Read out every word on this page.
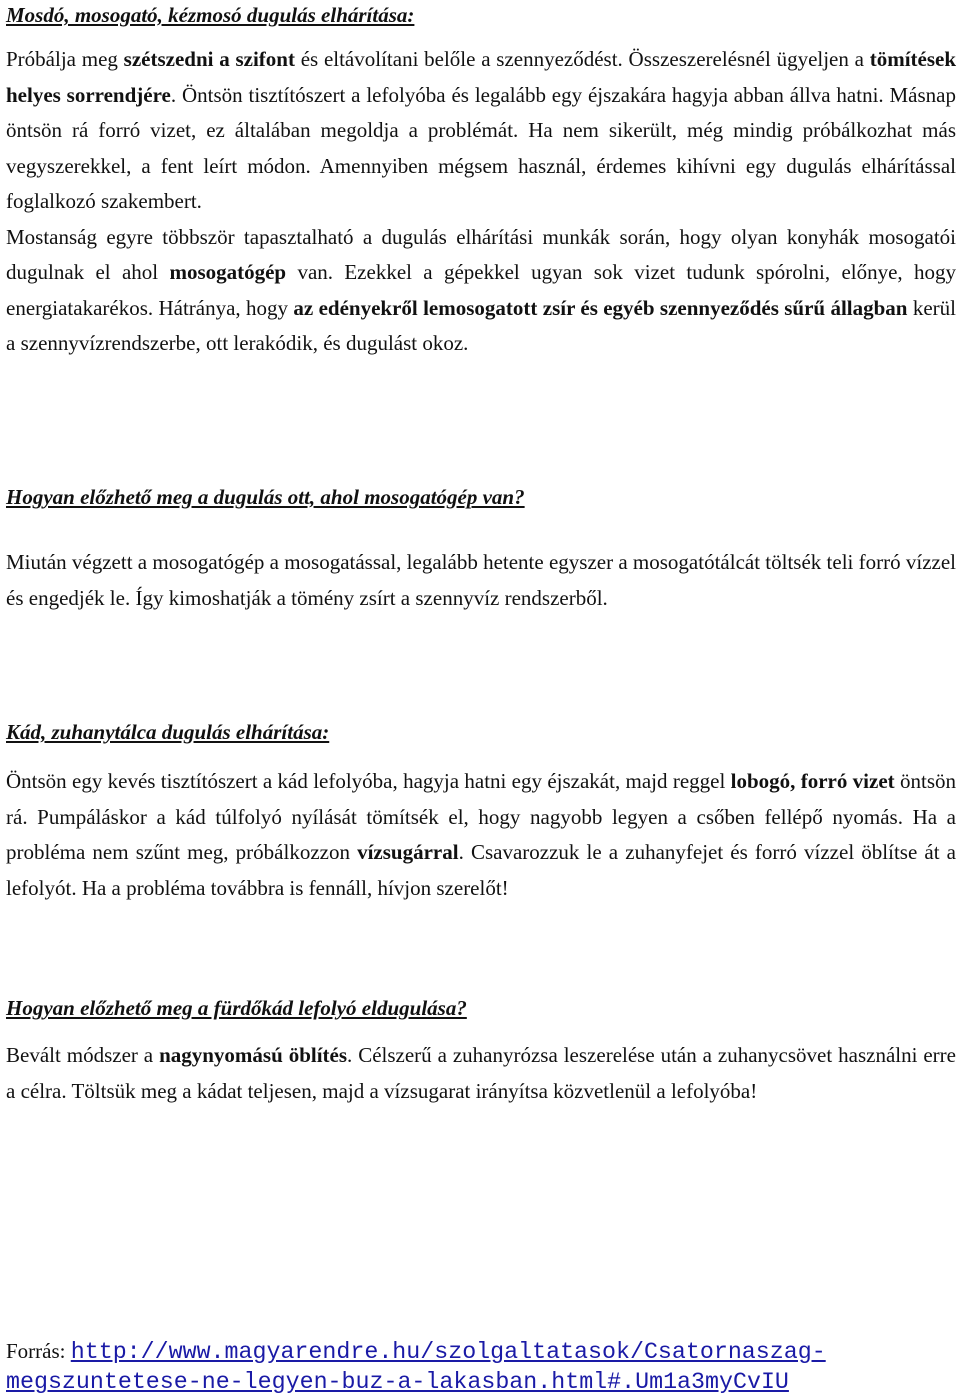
Mosdó, mosogató, kézmosó dugulás elhárítása:

Próbálja meg szétszedni a szifont és eltávolítani belőle a szennyeződést. Összeszerelésnél ügyeljen a tömítések helyes sorrendjére. Öntsön tisztítószert a lefolyóba és legalább egy éjszakára hagyja abban állva hatni. Másnap öntsön rá forró vizet, ez általában megoldja a problémát. Ha nem sikerült, még mindig próbálkozhat más vegyszerekkel, a fent leírt módon. Amennyiben mégsem használ, érdemes kihívni egy dugulás elhárítással foglalkozó szakembert.

Mostanság egyre többször tapasztalható a dugulás elhárítási munkák során, hogy olyan konyhák mosogatói dugulnak el ahol mosogatógép van. Ezekkel a gépekkel ugyan sok vizet tudunk spórolni, előnye, hogy energiatakarékos. Hátránya, hogy az edényekről lemosogatott zsír és egyéb szennyeződés sűrű állagban kerül a szennyvízrendszerbe, ott lerakódik, és dugulást okoz.

Hogyan előzhető meg a dugulás ott, ahol mosogatógép van?

Miután végzett a mosogatógép a mosogatással, legalább hetente egyszer a mosogatótálcát töltsék teli forró vízzel és engedjék le. Így kimoshatják a tömény zsírt a szennyvíz rendszerből.

Kád, zuhanytálca dugulás elhárítása:

Öntsön egy kevés tisztítószert a kád lefolyóba, hagyja hatni egy éjszakát, majd reggel lobogó, forró vizet öntsön rá. Pumpáláskor a kád túlfolyó nyílását tömítsék el, hogy nagyobb legyen a csőben fellépő nyomás. Ha a probléma nem szűnt meg, próbálkozzon vízsugárral. Csavarozzuk le a zuhanyfejet és forró vízzel öblítse át a lefolyót. Ha a probléma továbbra is fennáll, hívjon szerelőt!

Hogyan előzhető meg a fürdőkád lefolyó eldugulása?

Bevált módszer a nagynyomású öblítés. Célszerű a zuhanyrózsa leszerelése után a zuhanycsövet használni erre a célra. Töltsük meg a kádat teljesen, majd a vízsugarat irányítsa közvetlenül a lefolyóba!

Forrás: http://www.magyarendre.hu/szolgaltatasok/Csatornaszag-megszuntetese-ne-legyen-buz-a-lakasban.html#.Um1a3myCvIU
